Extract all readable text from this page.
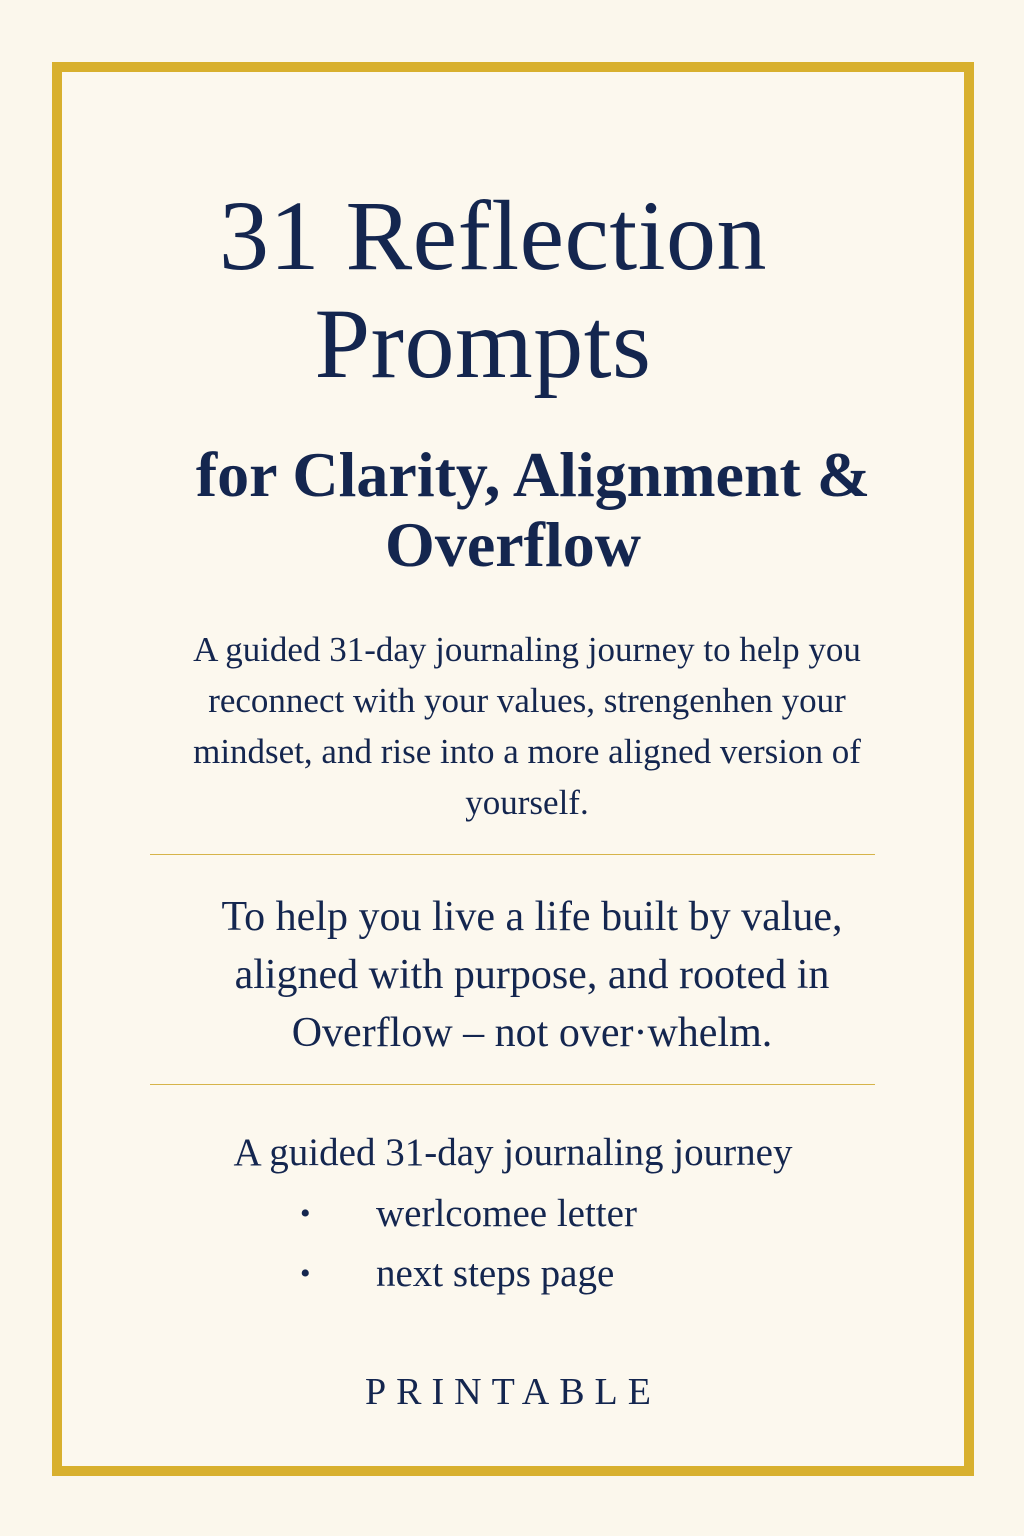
31 Reflection
Prompts
for Clarity, Alignment &
Overflow

A guided 31-day journaling journey to help you reconnect with your values, strengenhen your mindset, and rise into a more aligned version of yourself.

To help you live a life built by value, aligned with purpose, and rooted in Overflow – not over·whelm.

A guided 31-day journaling journey

• werlcomee letter
• next steps page

PRINTABLE
